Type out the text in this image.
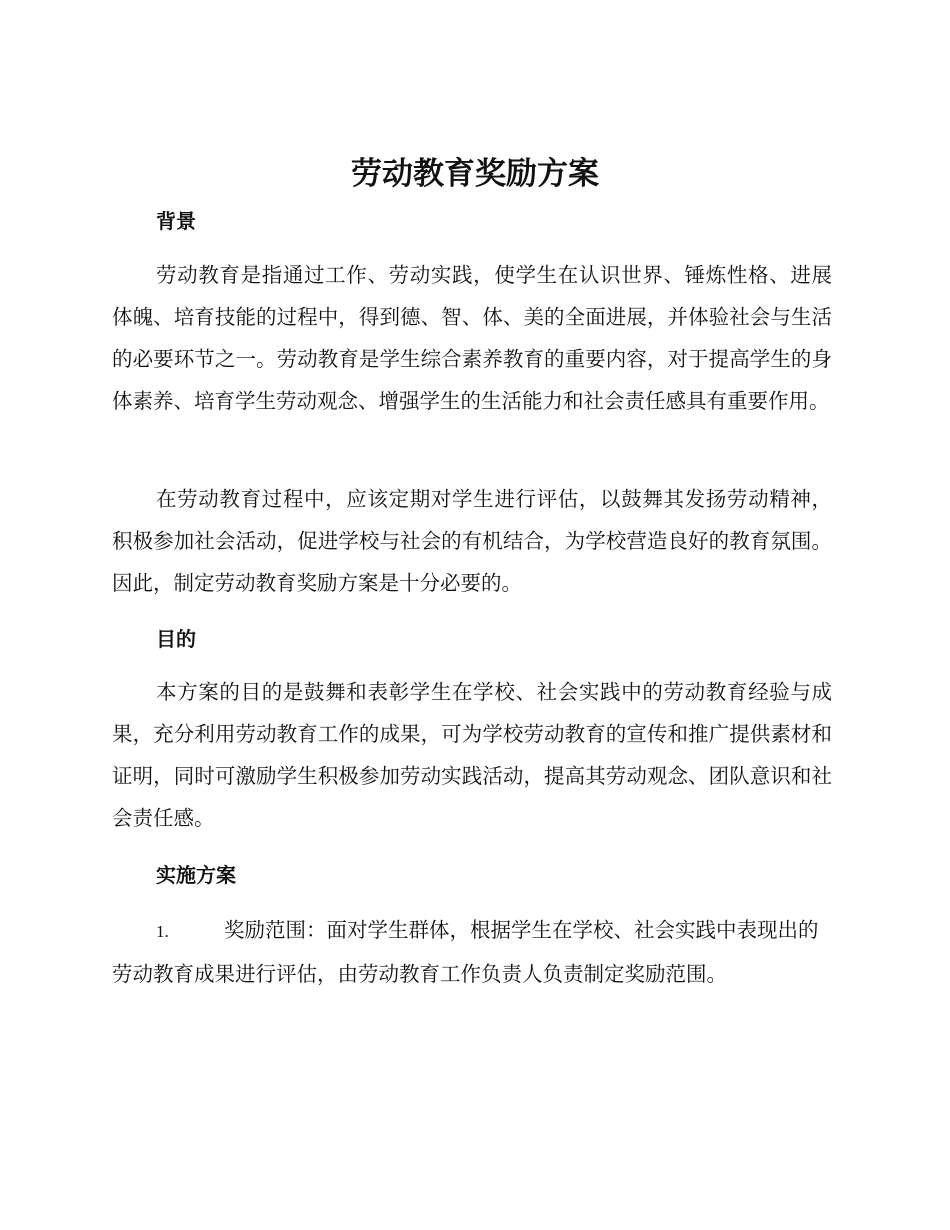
劳动教育奖励方案
背景

劳动教育是指通过工作、劳动实践，使学生在认识世界、锤炼性格、进展体魄、培育技能的过程中，得到德、智、体、美的全面进展，并体验社会与生活的必要环节之一。劳动教育是学生综合素养教育的重要内容，对于提高学生的身体素养、培育学生劳动观念、增强学生的生活能力和社会责任感具有重要作用。

在劳动教育过程中，应该定期对学生进行评估，以鼓舞其发扬劳动精神，积极参加社会活动，促进学校与社会的有机结合，为学校营造良好的教育氛围。因此，制定劳动教育奖励方案是十分必要的。

目的

本方案的目的是鼓舞和表彰学生在学校、社会实践中的劳动教育经验与成果，充分利用劳动教育工作的成果，可为学校劳动教育的宣传和推广提供素材和证明，同时可激励学生积极参加劳动实践活动，提高其劳动观念、团队意识和社会责任感。

实施方案

1.	奖励范围：面对学生群体，根据学生在学校、社会实践中表现出的劳动教育成果进行评估，由劳动教育工作负责人负责制定奖励范围。
